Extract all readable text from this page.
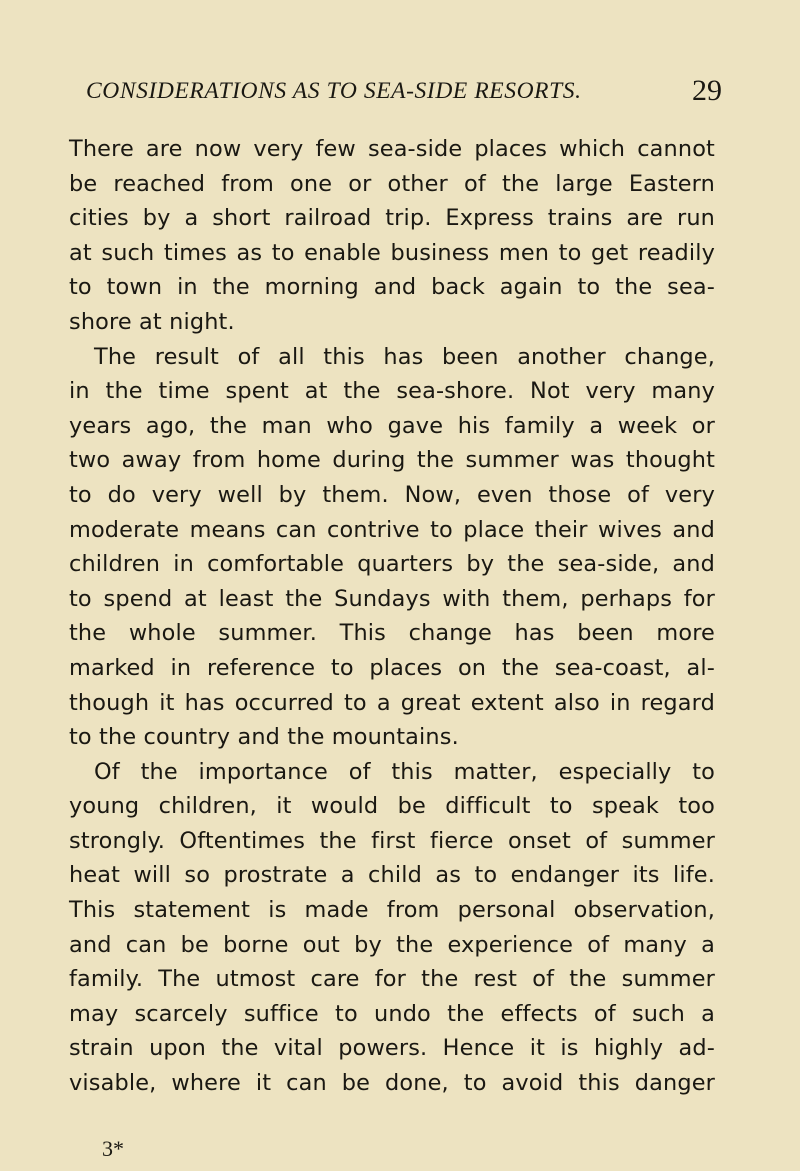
CONSIDERATIONS AS TO SEA-SIDE RESORTS.	29
There are now very few sea-side places which cannot
be reached from one or other of the large Eastern
cities by a short railroad trip. Express trains are run
at such times as to enable business men to get readily
to town in the morning and back again to the sea-
shore at night.
The result of all this has been another change,
in the time spent at the sea-shore. Not very many
years ago, the man who gave his family a week or
two away from home during the summer was thought
to do very well by them. Now, even those of very
moderate means can contrive to place their wives and
children in comfortable quarters by the sea-side, and
to spend at least the Sundays with them, perhaps for
the whole summer. This change has been more
marked in reference to places on the sea-coast, al-
though it has occurred to a great extent also in regard
to the country and the mountains.
Of the importance of this matter, especially to
young children, it would be difficult to speak too
strongly. Oftentimes the first fierce onset of summer
heat will so prostrate a child as to endanger its life.
This statement is made from personal observation,
and can be borne out by the experience of many a
family. The utmost care for the rest of the summer
may scarcely suffice to undo the effects of such a
strain upon the vital powers. Hence it is highly ad-
visable, where it can be done, to avoid this danger
3*
